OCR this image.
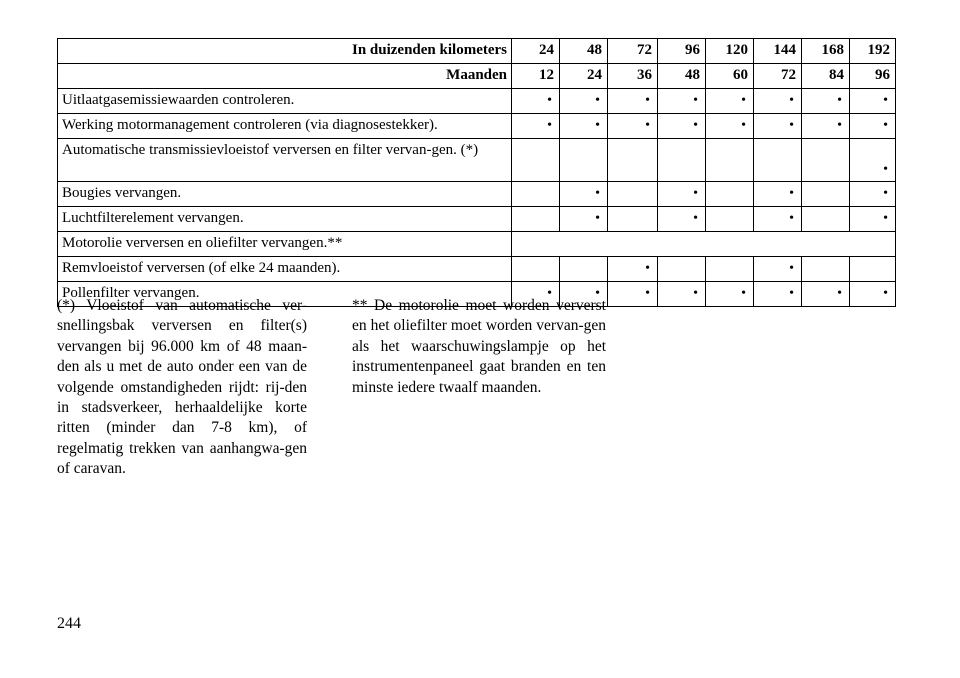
In duizenden kilometers	24	48	72	96	120	144	168	192
Maanden	12	24	36	48	60	72	84	96
Uitlaatgasemissiewaarden controleren.	•	•	•	•	•	•	•	•
Werking motormanagement controleren (via diagnosestekker).	•	•	•	•	•	•	•	•
Automatische transmissievloeistof verversen en filter vervan-gen. (*)								•
Bougies vervangen.		•		•		•		•
Luchtfilterelement vervangen.		•		•		•		•
Motorolie verversen en oliefilter vervangen.**								
Remvloeistof verversen (of elke 24 maanden).			•			•		
Pollenfilter vervangen.	•	•	•	•	•	•	•	•
(*) Vloeistof van automatische ver-snellingsbak verversen en filter(s) vervangen bij 96.000 km of 48 maan-den als u met de auto onder een van de volgende omstandigheden rijdt: rij-den in stadsverkeer, herhaaldelijke korte ritten (minder dan 7-8 km), of regelmatig trekken van aanhangwa-gen of caravan.
** De motorolie moet worden ververst en het oliefilter moet worden vervan-gen als het waarschuwingslampje op het instrumentenpaneel gaat branden en ten minste iedere twaalf maanden.
244
